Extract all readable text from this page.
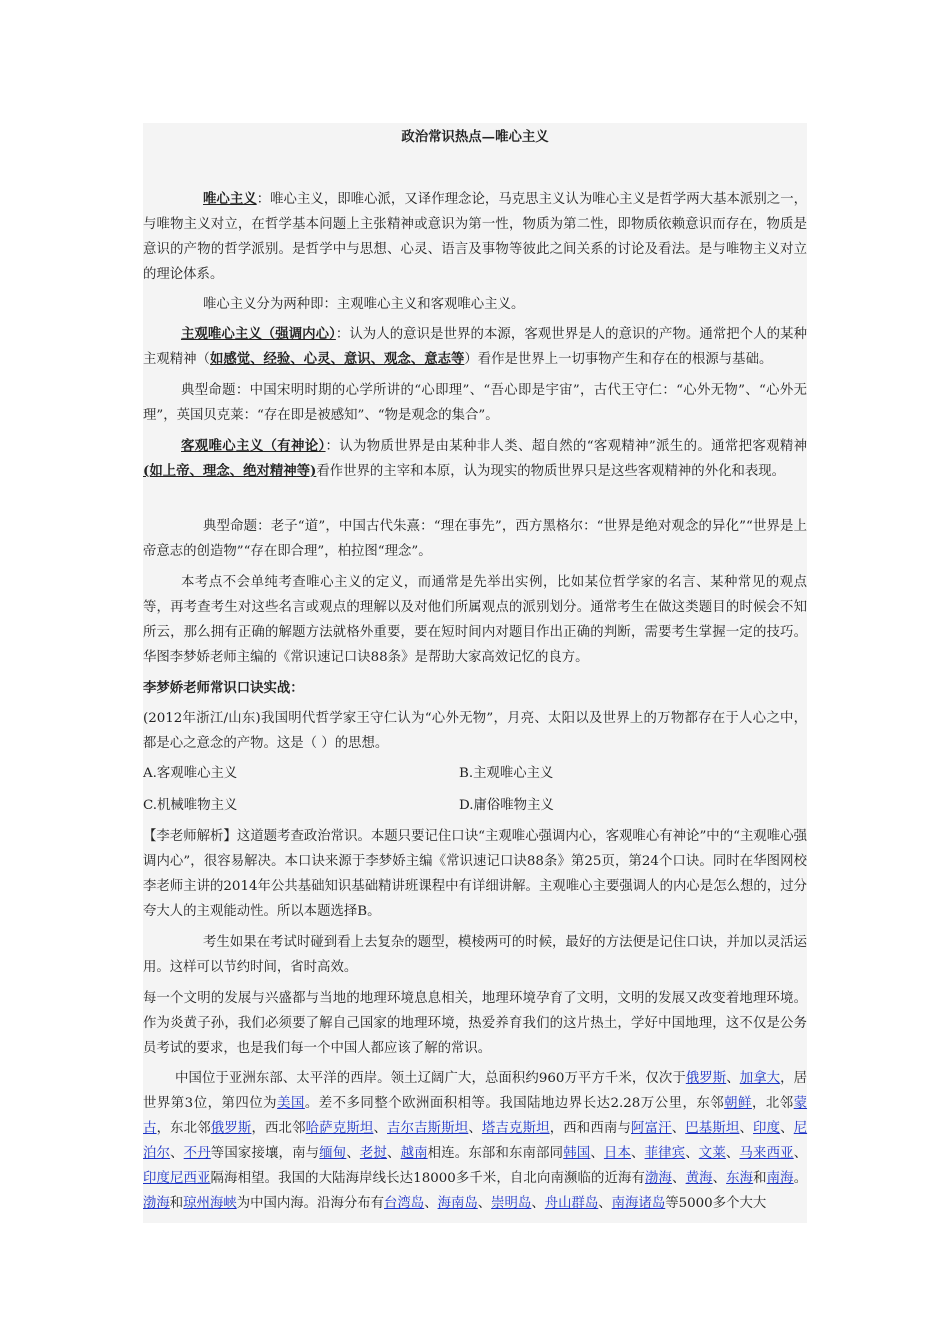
政治常识热点—唯心主义

唯心主义：唯心主义，即唯心派，又译作理念论，马克思主义认为唯心主义是哲学两大基本派别之一，与唯物主义对立，在哲学基本问题上主张精神或意识为第一性，物质为第二性，即物质依赖意识而存在，物质是意识的产物的哲学派别。是哲学中与思想、心灵、语言及事物等彼此之间关系的讨论及看法。是与唯物主义对立的理论体系。

唯心主义分为两种即：主观唯心主义和客观唯心主义。

主观唯心主义（强调内心）：认为人的意识是世界的本源，客观世界是人的意识的产物。通常把个人的某种主观精神（如感觉、经验、心灵、意识、观念、意志等）看作是世界上一切事物产生和存在的根源与基础。

典型命题：中国宋明时期的心学所讲的“心即理”、“吾心即是宇宙”，古代王守仁：“心外无物”、“心外无理”，英国贝克莱：“存在即是被感知”、“物是观念的集合”。

客观唯心主义（有神论）：认为物质世界是由某种非人类、超自然的“客观精神”派生的。通常把客观精神(如上帝、理念、绝对精神等)看作世界的主宰和本原，认为现实的物质世界只是这些客观精神的外化和表现。

典型命题：老子“道”，中国古代朱熹：“理在事先”，西方黑格尔：“世界是绝对观念的异化”“世界是上帝意志的创造物”“存在即合理”，柏拉图“理念”。

本考点不会单纯考查唯心主义的定义，而通常是先举出实例，比如某位哲学家的名言、某种常见的观点等，再考查考生对这些名言或观点的理解以及对他们所属观点的派别划分。通常考生在做这类题目的时候会不知所云，那么拥有正确的解题方法就格外重要，要在短时间内对题目作出正确的判断，需要考生掌握一定的技巧。华图李梦娇老师主编的《常识速记口诀88条》是帮助大家高效记忆的良方。

李梦娇老师常识口诀实战：

(2012年浙江/山东)我国明代哲学家王守仁认为“心外无物”，月亮、太阳以及世界上的万物都存在于人心之中，都是心之意念的产物。这是（ ）的思想。

A.客观唯心主义	B.主观唯心主义
C.机械唯物主义	D.庸俗唯物主义

【李老师解析】这道题考查政治常识。本题只要记住口诀“主观唯心强调内心，客观唯心有神论”中的“主观唯心强调内心”，很容易解决。本口诀来源于李梦娇主编《常识速记口诀88条》第25页，第24个口诀。同时在华图网校李老师主讲的2014年公共基础知识基础精讲班课程中有详细讲解。主观唯心主要强调人的内心是怎么想的，过分夸大人的主观能动性。所以本题选择B。

考生如果在考试时碰到看上去复杂的题型，模棱两可的时候，最好的方法便是记住口诀，并加以灵活运用。这样可以节约时间，省时高效。

每一个文明的发展与兴盛都与当地的地理环境息息相关，地理环境孕育了文明，文明的发展又改变着地理环境。作为炎黄子孙，我们必须要了解自己国家的地理环境，热爱养育我们的这片热土，学好中国地理，这不仅是公务员考试的要求，也是我们每一个中国人都应该了解的常识。

中国位于亚洲东部、太平洋的西岸。领土辽阔广大，总面积约960万平方千米，仅次于俄罗斯、加拿大，居世界第3位，第四位为美国。差不多同整个欧洲面积相等。我国陆地边界长达2.28万公里，东邻朝鲜，北邻蒙古，东北邻俄罗斯，西北邻哈萨克斯坦、吉尔吉斯斯坦、塔吉克斯坦，西和西南与阿富汗、巴基斯坦、印度、尼泊尔、不丹等国家接壤，南与缅甸、老挝、越南相连。东部和东南部同韩国、日本、菲律宾、文莱、马来西亚、印度尼西亚隔海相望。我国的大陆海岸线长达18000多千米，自北向南濒临的近海有渤海、黄海、东海和南海。渤海和琼州海峡为中国内海。沿海分布有台湾岛、海南岛、崇明岛、舟山群岛、南海诸岛等5000多个大大
